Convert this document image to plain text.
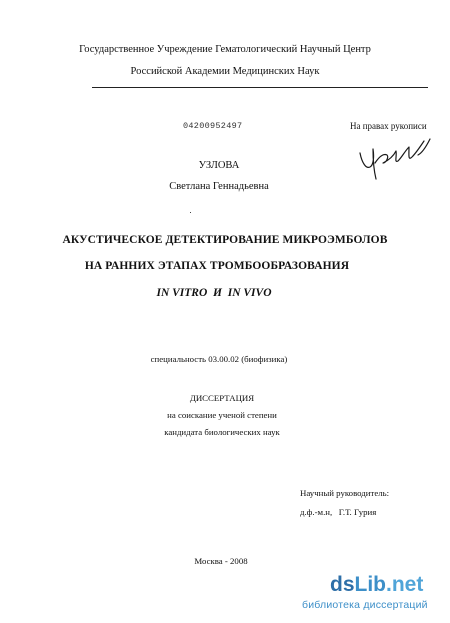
Государственное Учреждение Гематологический Научный Центр
Российской Академии Медицинских Наук
04200952497	На правах рукописи
УЗЛОВА
Светлана Геннадьевна
АКУСТИЧЕСКОЕ ДЕТЕКТИРОВАНИЕ МИКРОЭМБОЛОВ
НА РАННИХ ЭТАПАХ ТРОМБООБРАЗОВАНИЯ
IN VITRO  И  IN VIVO
специальность 03.00.02 (биофизика)
ДИССЕРТАЦИЯ
на соискание ученой степени
кандидата биологических наук
Научный руководитель:
д.ф.-м.н,   Г.Т. Гурия
Москва - 2008
dsLib.net
библиотека диссертаций
